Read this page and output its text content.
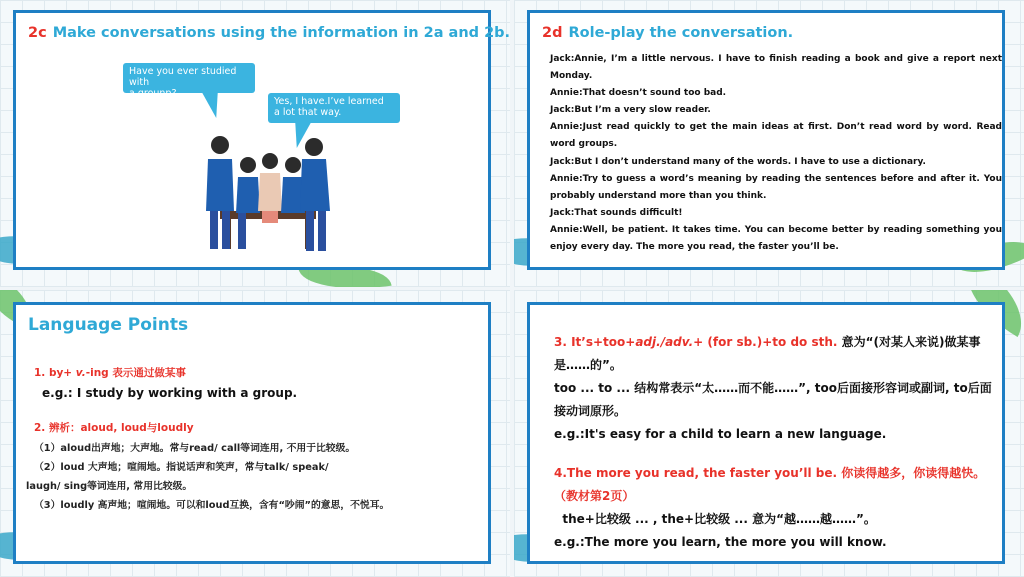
2c Make conversations using the information in 2a and 2b.
Have you ever studied with
a grounp?
Yes, I have.I’ve learned
a lot that way.
2d Role-play the conversation.

Jack:Annie, I’m a little nervous. I have to finish reading a book and give a report next Monday.

Annie:That doesn’t sound too bad.

Jack:But I’m a very slow reader.

Annie:Just read quickly to get the main ideas at first. Don’t read word by word. Read word groups.

Jack:But I don’t understand many of the words. I have to use a dictionary.

Annie:Try to guess a word’s meaning by reading the sentences before and after it. You probably understand more than you think.

Jack:That sounds difficult!

Annie:Well, be patient. It takes time. You can become better by reading something you enjoy every day. The more you read, the faster you’ll be.

Language Points
1. by+ v.-ing 表示通过做某事
e.g.: I study by working with a group.
2. 辨析：aloud, loud与loudly
（1）aloud出声地；大声地。常与read/ call等词连用, 不用于比较级。
（2）loud 大声地；喧闹地。指说话声和笑声，常与talk/ speak/
laugh/ sing等词连用, 常用比较级。
（3）loudly 高声地；喧闹地。可以和loud互换，含有“吵闹”的意思，不悦耳。

3. It’s+too+adj./adv.+ (for sb.)+to do sth. 意为“(对某人来说)做某事是……的”。

too ... to ... 结构常表示“太……而不能……”, too后面接形容词或副词, to后面接动词原形。

e.g.:It's easy for a child to learn a new language.

4.The more you read, the faster you’ll be. 你读得越多，你读得越快。（教材第2页）

the+比较级 ... , the+比较级 ... 意为“越……越……”。

e.g.:The more you learn, the more you will know.
